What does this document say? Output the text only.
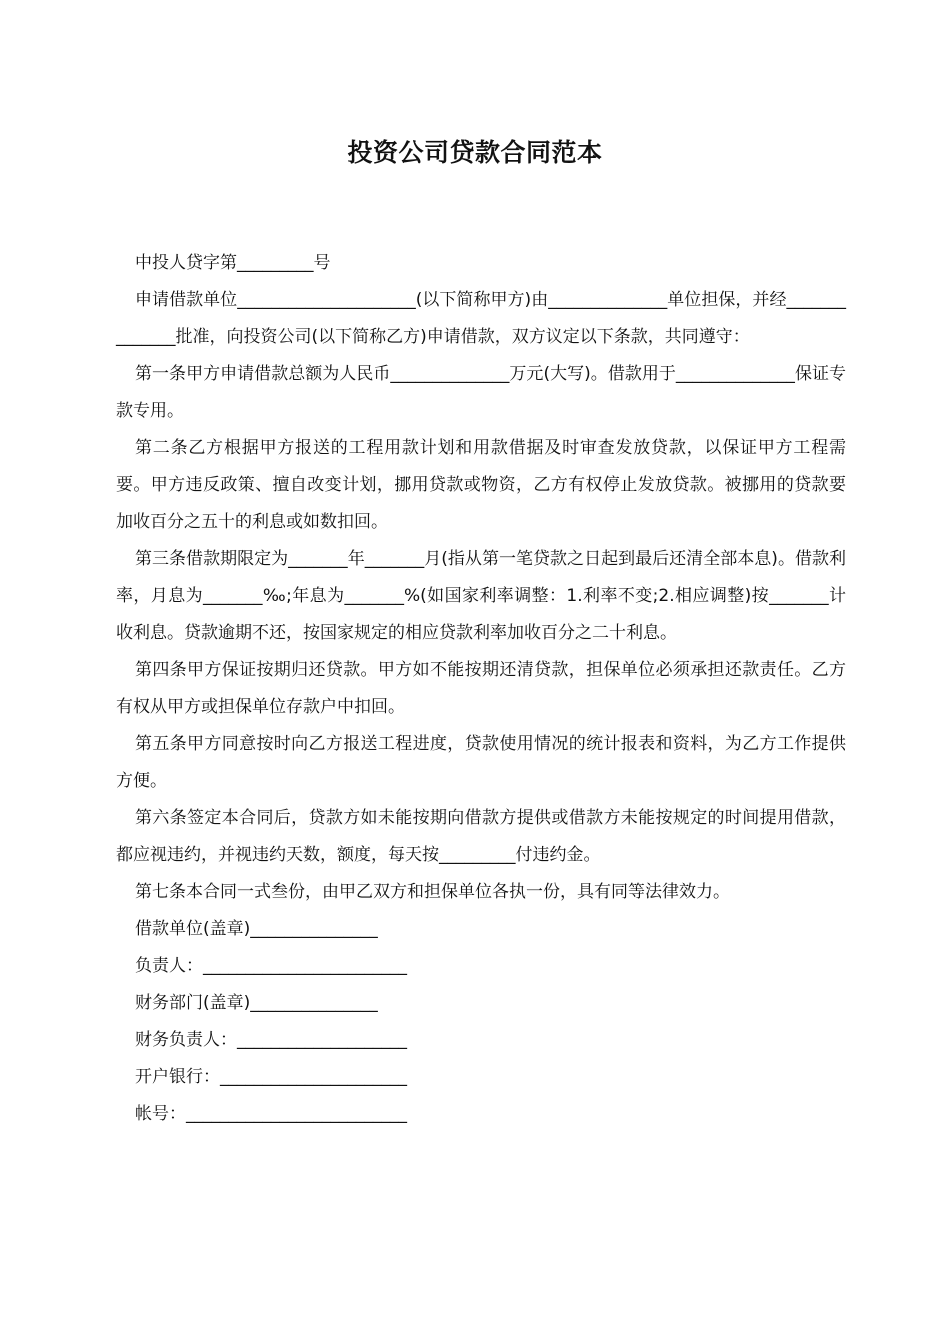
投资公司贷款合同范本

中投人贷字第_________号

申请借款单位_____________________(以下简称甲方)由______________单位担保，并经______________批准，向投资公司(以下简称乙方)申请借款，双方议定以下条款，共同遵守：

第一条甲方申请借款总额为人民币______________万元(大写)。借款用于______________保证专款专用。

第二条乙方根据甲方报送的工程用款计划和用款借据及时审查发放贷款，以保证甲方工程需要。甲方违反政策、擅自改变计划，挪用贷款或物资，乙方有权停止发放贷款。被挪用的贷款要加收百分之五十的利息或如数扣回。

第三条借款期限定为_______年_______月(指从第一笔贷款之日起到最后还清全部本息)。借款利率，月息为_______‰;年息为_______%(如国家利率调整：1.利率不变;2.相应调整)按_______计收利息。贷款逾期不还，按国家规定的相应贷款利率加收百分之二十利息。

第四条甲方保证按期归还贷款。甲方如不能按期还清贷款，担保单位必须承担还款责任。乙方有权从甲方或担保单位存款户中扣回。

第五条甲方同意按时向乙方报送工程进度，贷款使用情况的统计报表和资料，为乙方工作提供方便。

第六条签定本合同后，贷款方如未能按期向借款方提供或借款方未能按规定的时间提用借款，都应视违约，并视违约天数，额度，每天按_________付违约金。

第七条本合同一式叁份，由甲乙双方和担保单位各执一份，具有同等法律效力。

借款单位(盖章)_______________

负责人：________________________

财务部门(盖章)_______________

财务负责人：____________________

开户银行：______________________

帐号：__________________________
